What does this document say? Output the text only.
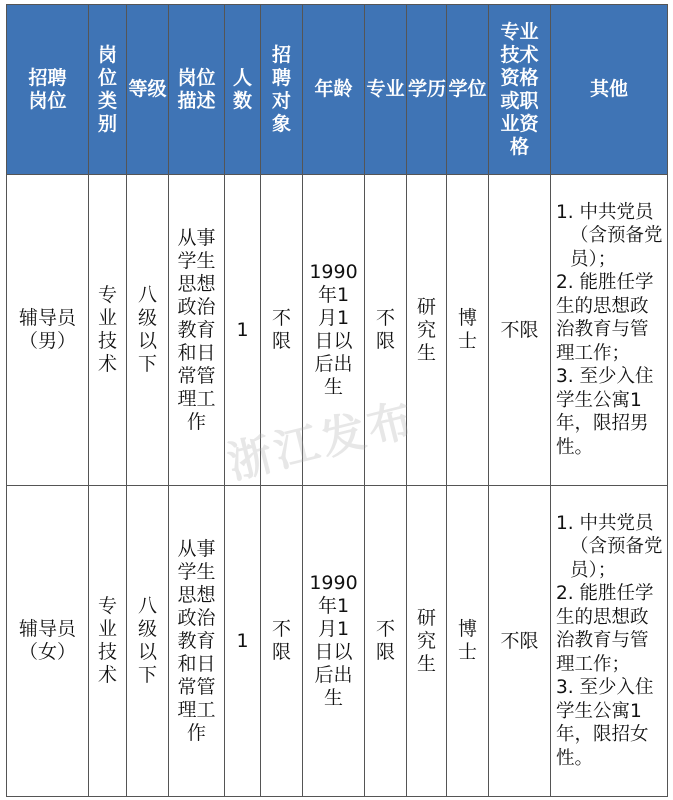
招聘岗位	岗位类别	等级	岗位描述	人数	招聘对象	年龄	专业	学历	学位	专业技术资格或职业资格	其他
辅导员（男）	专业技术	八级以下	从事学生思想政治教育和日常管理工作	1	不限	1990年1月1日以后出生	不限	研究生	博士	不限	1. 中共党员
（含预备党员）；
2. 能胜任学生的思想政治教育与管理工作；
3. 至少入住学生公寓1年，限招男性。

辅导员（女）	专业技术	八级以下	从事学生思想政治教育和日常管理工作	1	不限	1990年1月1日以后出生	不限	研究生	博士	不限	1. 中共党员
（含预备党员）；
2. 能胜任学生的思想政治教育与管理工作；
3. 至少入住学生公寓1年，限招女性。
浙江发布
